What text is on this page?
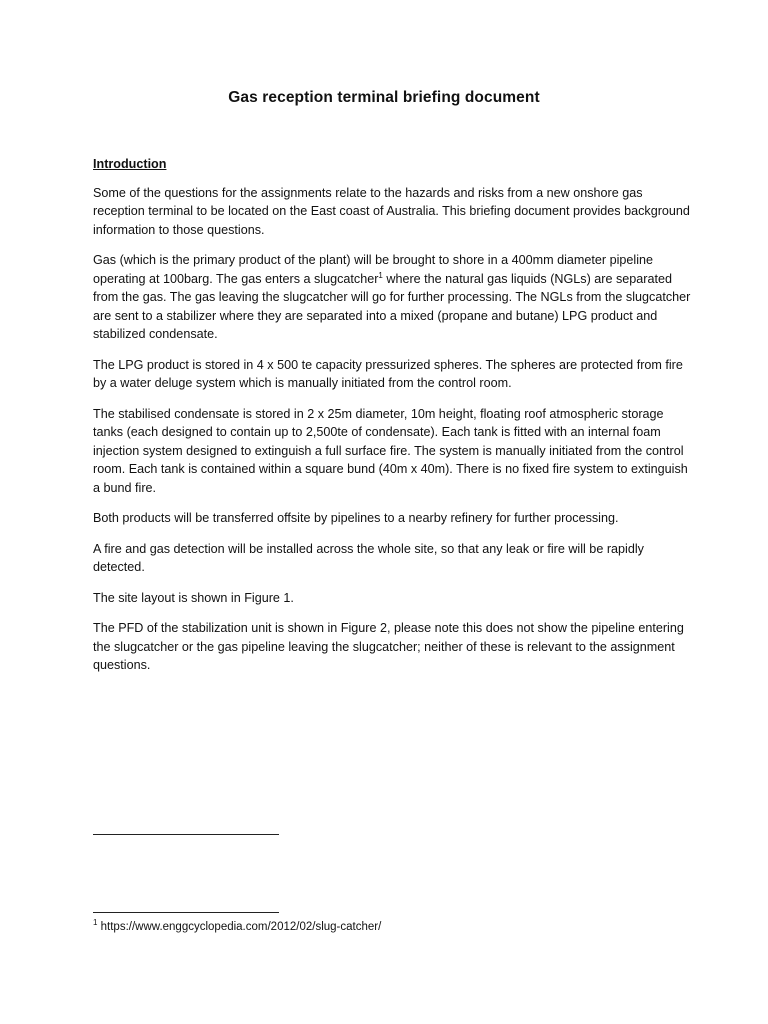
Gas reception terminal briefing document
Introduction

Some of the questions for the assignments relate to the hazards and risks from a new onshore gas reception terminal to be located on the East coast of Australia. This briefing document provides background information to those questions.

Gas (which is the primary product of the plant) will be brought to shore in a 400mm diameter pipeline operating at 100barg. The gas enters a slugcatcher$^1$ where the natural gas liquids (NGLs) are separated from the gas. The gas leaving the slugcatcher will go for further processing. The NGLs from the slugcatcher are sent to a stabilizer where they are separated into a mixed (propane and butane) LPG product and stabilized condensate.

The LPG product is stored in 4 x 500 te capacity pressurized spheres. The spheres are protected from fire by a water deluge system which is manually initiated from the control room.

The stabilised condensate is stored in 2 x 25m diameter, 10m height, floating roof atmospheric storage tanks (each designed to contain up to 2,500te of condensate). Each tank is fitted with an internal foam injection system designed to extinguish a full surface fire. The system is manually initiated from the control room. Each tank is contained within a square bund (40m x 40m). There is no fixed fire system to extinguish a bund fire.

Both products will be transferred offsite by pipelines to a nearby refinery for further processing.

A fire and gas detection will be installed across the whole site, so that any leak or fire will be rapidly detected.

The site layout is shown in Figure 1.

The PFD of the stabilization unit is shown in Figure 2, please note this does not show the pipeline entering the slugcatcher or the gas pipeline leaving the slugcatcher; neither of these is relevant to the assignment questions.

$^1$ https://www.enggcyclopedia.com/2012/02/slug-catcher/
